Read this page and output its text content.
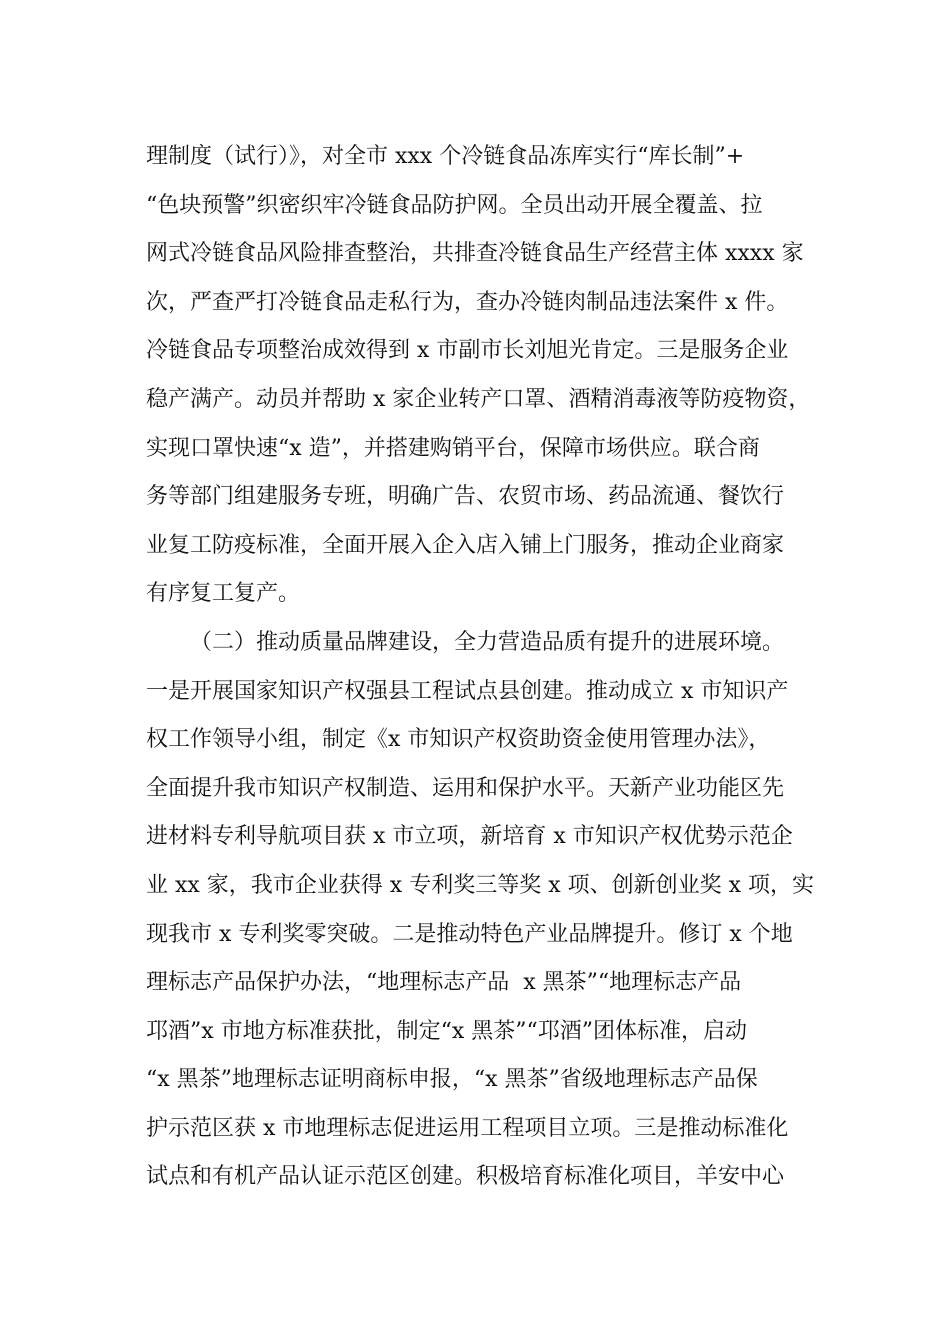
理制度（试行）》，对全市 xxx 个冷链食品冻库实行“库长制”+
“色块预警”织密织牢冷链食品防护网。全员出动开展全覆盖、拉
网式冷链食品风险排查整治，共排查冷链食品生产经营主体 xxxx 家
次，严查严打冷链食品走私行为，查办冷链肉制品违法案件 x 件。
冷链食品专项整治成效得到 x 市副市长刘旭光肯定。三是服务企业
稳产满产。动员并帮助 x 家企业转产口罩、酒精消毒液等防疫物资，
实现口罩快速“x 造”，并搭建购销平台，保障市场供应。联合商
务等部门组建服务专班，明确广告、农贸市场、药品流通、餐饮行
业复工防疫标准，全面开展入企入店入铺上门服务，推动企业商家
有序复工复产。
（二）推动质量品牌建设，全力营造品质有提升的进展环境。
一是开展国家知识产权强县工程试点县创建。推动成立 x 市知识产
权工作领导小组，制定《x 市知识产权资助资金使用管理办法》，
全面提升我市知识产权制造、运用和保护水平。天新产业功能区先
进材料专利导航项目获 x 市立项，新培育 x 市知识产权优势示范企
业 xx 家，我市企业获得 x 专利奖三等奖 x 项、创新创业奖 x 项，实
现我市 x 专利奖零突破。二是推动特色产业品牌提升。修订 x 个地
理标志产品保护办法，“地理标志产品  x 黑茶”“地理标志产品
邛酒”x 市地方标准获批，制定“x 黑茶”“邛酒”团体标准，启动
“x 黑茶”地理标志证明商标申报，“x 黑茶”省级地理标志产品保
护示范区获 x 市地理标志促进运用工程项目立项。三是推动标准化
试点和有机产品认证示范区创建。积极培育标准化项目，羊安中心
